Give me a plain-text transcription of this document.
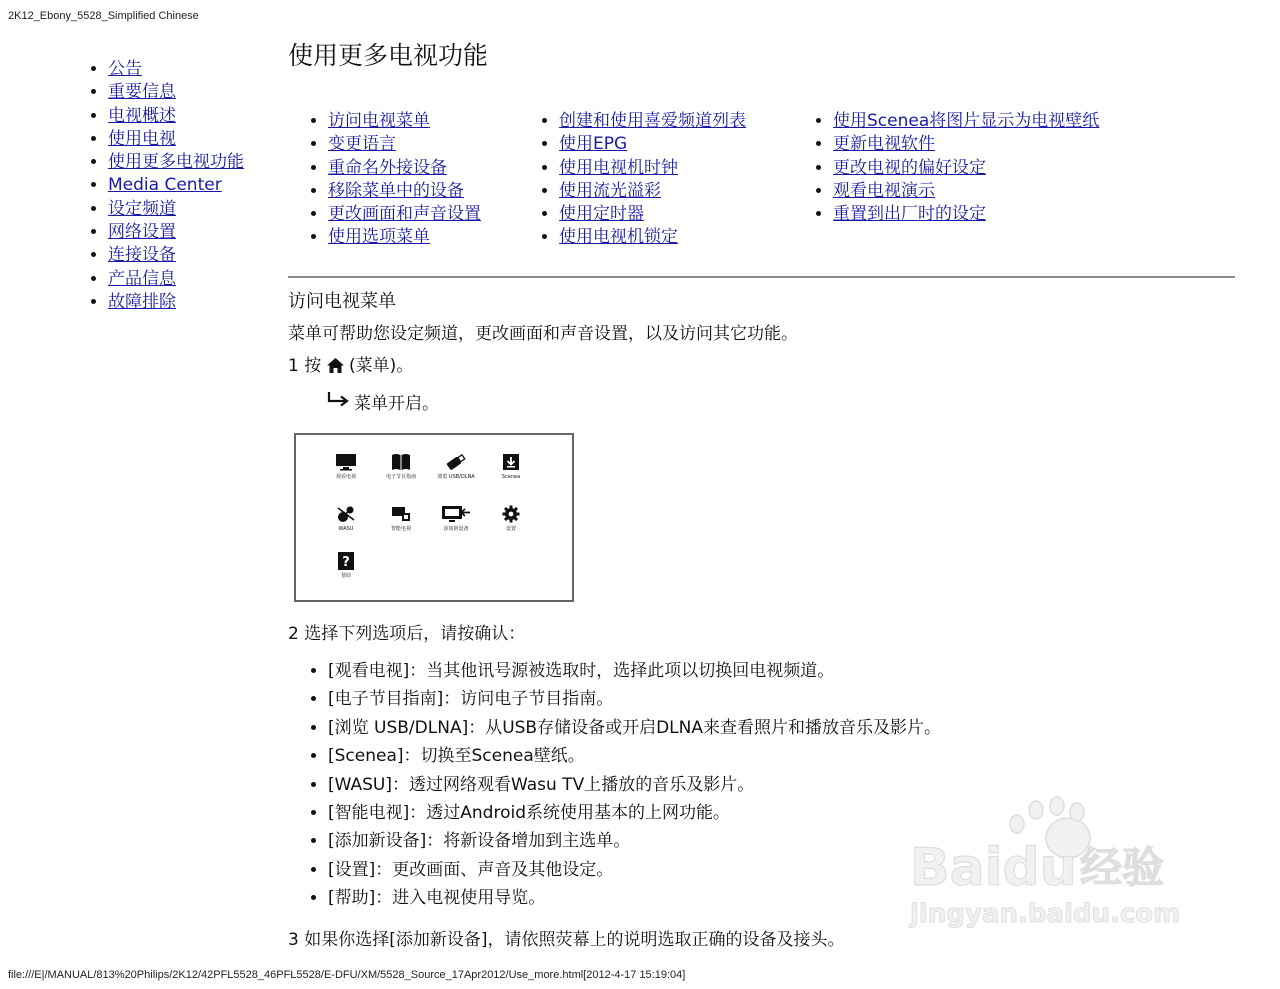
2K12_Ebony_5528_Simplified Chinese
• 公告
• 重要信息
• 电视概述
• 使用电视
• 使用更多电视功能
• Media Center
• 设定频道
• 网络设置
• 连接设备
• 产品信息
• 故障排除
使用更多电视功能
• 访问电视菜单
• 变更语言
• 重命名外接设备
• 移除菜单中的设备
• 更改画面和声音设置
• 使用选项菜单
• 创建和使用喜爱频道列表
• 使用EPG
• 使用电视机时钟
• 使用流光溢彩
• 使用定时器
• 使用电视机锁定
• 使用Scenea将图片显示为电视壁纸
• 更新电视软件
• 更改电视的偏好设定
• 观看电视演示
• 重置到出厂时的设定
访问电视菜单
菜单可帮助您设定频道，更改画面和声音设置，以及访问其它功能。
1 按 (菜单)。
菜单开启。
观看电视	电子节目指南	浏览 USB/DLNA	Scenea
WASU	智能电视	添加新设备	设置
?
帮助
2 选择下列选项后，请按确认：
• [观看电视]：当其他讯号源被选取时，选择此项以切换回电视频道。
• [电子节目指南]：访问电子节目指南。
• [浏览 USB/DLNA]：从USB存储设备或开启DLNA来查看照片和播放音乐及影片。
• [Scenea]：切换至Scenea壁纸。
• [WASU]：透过网络观看Wasu TV上播放的音乐及影片。
• [智能电视]：透过Android系统使用基本的上网功能。
• [添加新设备]：将新设备增加到主选单。
• [设置]：更改画面、声音及其他设定。
• [帮助]：进入电视使用导览。
3 如果你选择[添加新设备]，请依照荧幕上的说明选取正确的设备及接头。
Baidu 经验
jingyan.baidu.com
file:///E|/MANUAL/813%20Philips/2K12/42PFL5528_46PFL5528/E-DFU/XM/5528_Source_17Apr2012/Use_more.html[2012-4-17 15:19:04]
